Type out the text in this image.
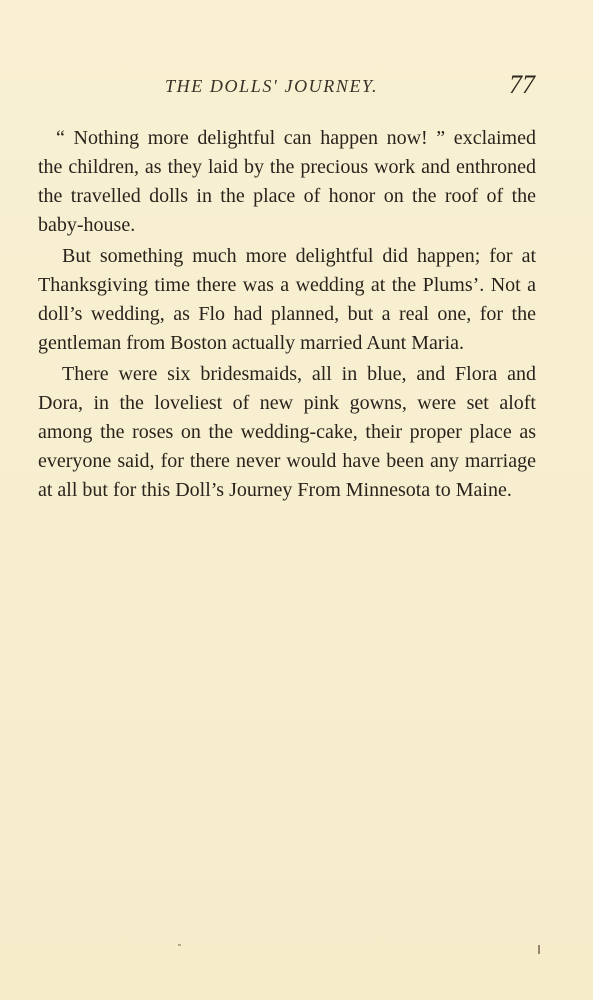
THE DOLLS' JOURNEY.	77

“ Nothing more delightful can happen now! ” exclaimed the children, as they laid by the precious work and enthroned the travelled dolls in the place of honor on the roof of the baby-house.

But something much more delightful did happen; for at Thanksgiving time there was a wedding at the Plums’. Not a doll’s wedding, as Flo had planned, but a real one, for the gentleman from Boston actually married Aunt Maria.

There were six bridesmaids, all in blue, and Flora and Dora, in the loveliest of new pink gowns, were set aloft among the roses on the wedding-cake, their proper place as everyone said, for there never would have been any marriage at all but for this Doll’s Journey From Minnesota to Maine.
